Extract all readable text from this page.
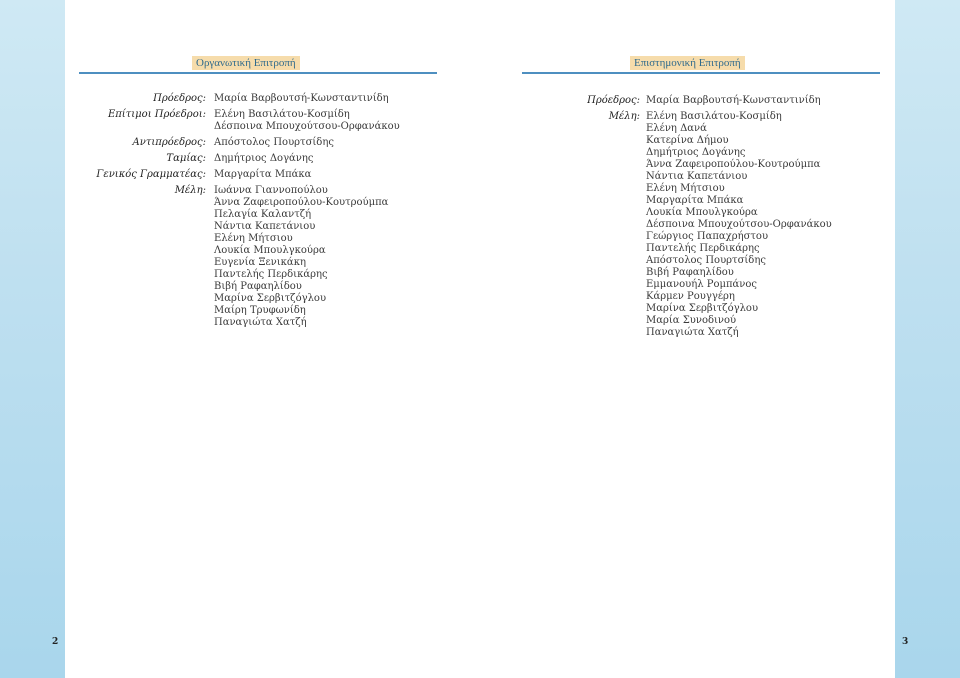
2	3
Οργανωτική Επιτροπή	Επιστημονική Επιτροπή
Πρόεδρος: Μαρία Βαρβουτσή-Κωνσταντινίδη
Επίτιμοι Πρόεδροι: Ελένη Βασιλάτου-Κοσμίδη
Δέσποινα Μπουχούτσου-Ορφανάκου
Αντιπρόεδρος: Απόστολος Πουρτσίδης
Ταμίας: Δημήτριος Δογάνης
Γενικός Γραμματέας: Μαργαρίτα Μπάκα
Μέλη: Ιωάννα Γιαννοπούλου
Άννα Ζαφειροπούλου-Κουτρούμπα
Πελαγία Καλαντζή
Νάντια Καπετάνιου
Ελένη Μήτσιου
Λουκία Μπουλγκούρα
Ευγενία Ξενικάκη
Παντελής Περδικάρης
Βιβή Ραφαηλίδου
Μαρίνα Σερβιτζόγλου
Μαίρη Τρυφωνίδη
Παναγιώτα Χατζή
Πρόεδρος: Μαρία Βαρβουτσή-Κωνσταντινίδη
Μέλη: Ελένη Βασιλάτου-Κοσμίδη
Ελένη Δανά
Κατερίνα Δήμου
Δημήτριος Δογάνης
Άννα Ζαφειροπούλου-Κουτρούμπα
Νάντια Καπετάνιου
Ελένη Μήτσιου
Μαργαρίτα Μπάκα
Λουκία Μπουλγκούρα
Δέσποινα Μπουχούτσου-Ορφανάκου
Γεώργιος Παπαχρήστου
Παντελής Περδικάρης
Απόστολος Πουρτσίδης
Βιβή Ραφαηλίδου
Εμμανουήλ Ρομπάνος
Κάρμεν Ρουγγέρη
Μαρίνα Σερβιτζόγλου
Μαρία Συνοδινού
Παναγιώτα Χατζή
